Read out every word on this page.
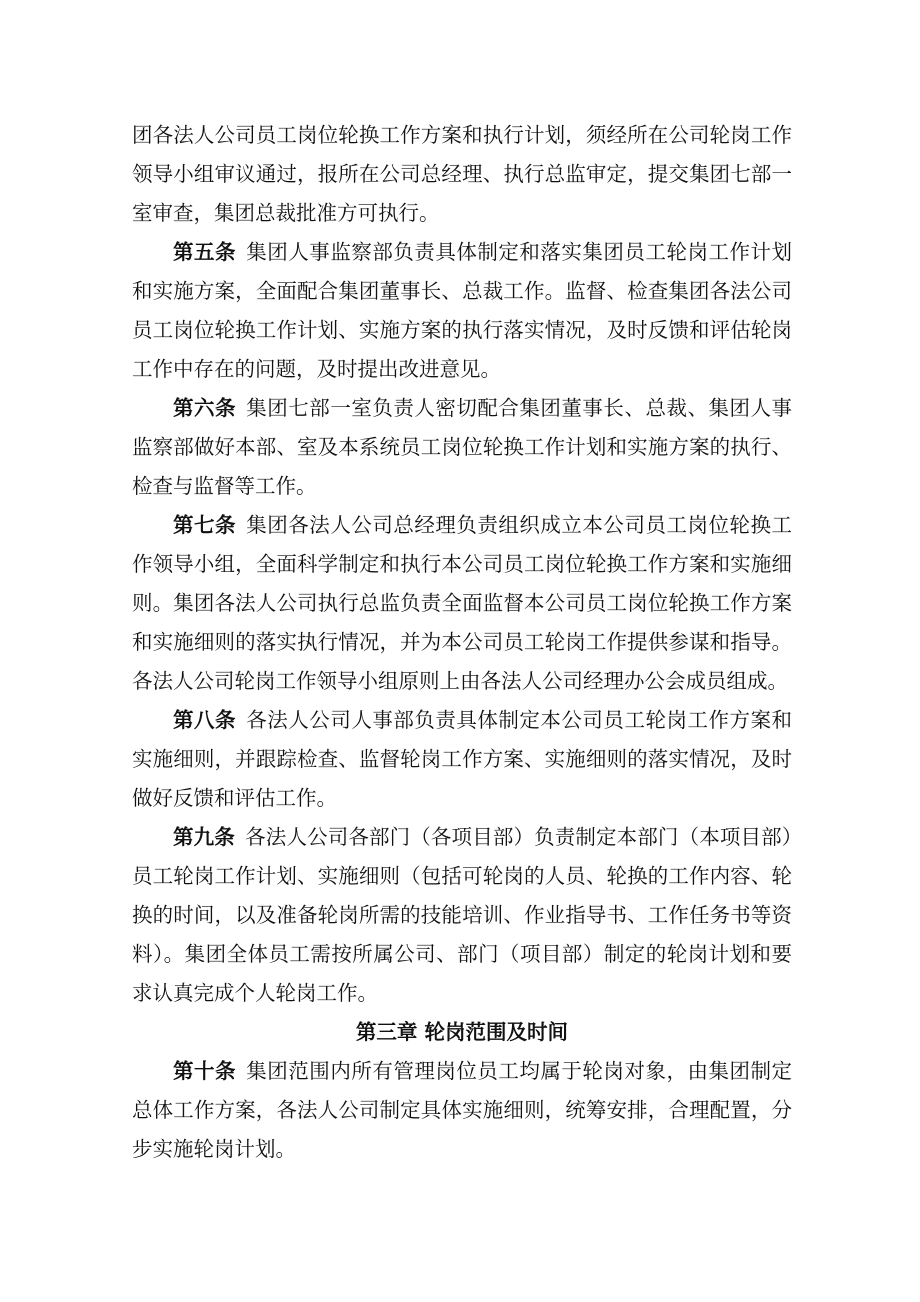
团各法人公司员工岗位轮换工作方案和执行计划，须经所在公司轮岗工作领导小组审议通过，报所在公司总经理、执行总监审定，提交集团七部一室审查，集团总裁批准方可执行。

第五条 集团人事监察部负责具体制定和落实集团员工轮岗工作计划和实施方案，全面配合集团董事长、总裁工作。监督、检查集团各法公司员工岗位轮换工作计划、实施方案的执行落实情况，及时反馈和评估轮岗工作中存在的问题，及时提出改进意见。

第六条 集团七部一室负责人密切配合集团董事长、总裁、集团人事监察部做好本部、室及本系统员工岗位轮换工作计划和实施方案的执行、检查与监督等工作。

第七条 集团各法人公司总经理负责组织成立本公司员工岗位轮换工作领导小组，全面科学制定和执行本公司员工岗位轮换工作方案和实施细则。集团各法人公司执行总监负责全面监督本公司员工岗位轮换工作方案和实施细则的落实执行情况，并为本公司员工轮岗工作提供参谋和指导。各法人公司轮岗工作领导小组原则上由各法人公司经理办公会成员组成。

第八条 各法人公司人事部负责具体制定本公司员工轮岗工作方案和实施细则，并跟踪检查、监督轮岗工作方案、实施细则的落实情况，及时做好反馈和评估工作。

第九条 各法人公司各部门（各项目部）负责制定本部门（本项目部）员工轮岗工作计划、实施细则（包括可轮岗的人员、轮换的工作内容、轮换的时间，以及准备轮岗所需的技能培训、作业指导书、工作任务书等资料）。集团全体员工需按所属公司、部门（项目部）制定的轮岗计划和要求认真完成个人轮岗工作。

第三章 轮岗范围及时间

第十条 集团范围内所有管理岗位员工均属于轮岗对象，由集团制定总体工作方案，各法人公司制定具体实施细则，统筹安排，合理配置，分步实施轮岗计划。
